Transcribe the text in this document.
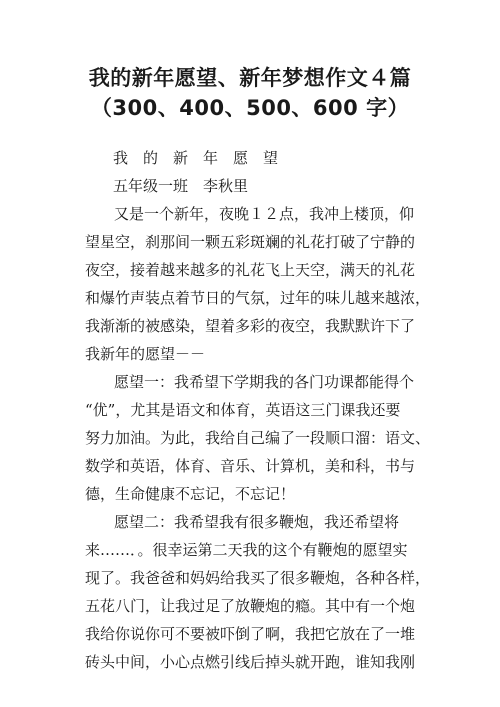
我的新年愿望、新年梦想作文４篇
（300、400、500、600 字）
我　的　新　年　愿　望
五年级一班　李秋里
又是一个新年，夜晚１２点，我冲上楼顶，仰
望星空，刹那间一颗五彩斑斓的礼花打破了宁静的
夜空，接着越来越多的礼花飞上天空，满天的礼花
和爆竹声装点着节日的气氛，过年的味儿越来越浓，
我渐渐的被感染，望着多彩的夜空，我默默许下了
我新年的愿望－－
愿望一：我希望下学期我的各门功课都能得个
“优”，尤其是语文和体育，英语这三门课我还要
努力加油。为此，我给自己编了一段顺口溜：语文、
数学和英语，体育、音乐、计算机，美和科，书与
德，生命健康不忘记，不忘记！
愿望二：我希望我有很多鞭炮，我还希望将
来……．。很幸运第二天我的这个有鞭炮的愿望实
现了。我爸爸和妈妈给我买了很多鞭炮，各种各样，
五花八门，让我过足了放鞭炮的瘾。其中有一个炮
我给你说你可不要被吓倒了啊，我把它放在了一堆
砖头中间，小心点燃引线后掉头就开跑，谁知我刚
